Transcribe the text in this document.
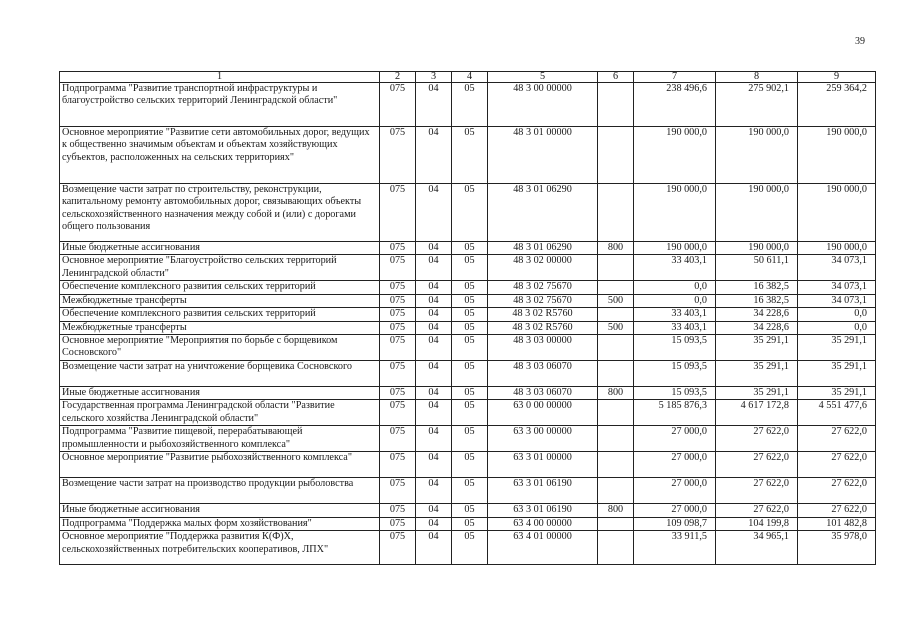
39
1	2	3	4	5	6	7	8	9
Подпрограмма "Развитие транспортной инфраструктуры и благоустройство сельских территорий Ленинградской области"	075	04	05	48 3 00 00000		238 496,6	275 902,1	259 364,2
Основное мероприятие "Развитие сети автомобильных дорог, ведущих к общественно значимым объектам и объектам хозяйствующих субъектов, расположенных на сельских территориях"	075	04	05	48 3 01 00000		190 000,0	190 000,0	190 000,0
Возмещение части затрат по строительству, реконструкции, капитальному ремонту автомобильных дорог, связывающих объекты сельскохозяйственного назначения между собой и (или) с дорогами общего пользования	075	04	05	48 3 01 06290		190 000,0	190 000,0	190 000,0
Иные бюджетные ассигнования	075	04	05	48 3 01 06290	800	190 000,0	190 000,0	190 000,0
Основное мероприятие "Благоустройство сельских территорий Ленинградской области"	075	04	05	48 3 02 00000		33 403,1	50 611,1	34 073,1
Обеспечение комплексного развития сельских территорий	075	04	05	48 3 02 75670		0,0	16 382,5	34 073,1
Межбюджетные трансферты	075	04	05	48 3 02 75670	500	0,0	16 382,5	34 073,1
Обеспечение комплексного развития сельских территорий	075	04	05	48 3 02 R5760		33 403,1	34 228,6	0,0
Межбюджетные трансферты	075	04	05	48 3 02 R5760	500	33 403,1	34 228,6	0,0
Основное мероприятие "Мероприятия по борьбе с борщевиком Сосновского"	075	04	05	48 3 03 00000		15 093,5	35 291,1	35 291,1
Возмещение части затрат на уничтожение борщевика Сосновского	075	04	05	48 3 03 06070		15 093,5	35 291,1	35 291,1
Иные бюджетные ассигнования	075	04	05	48 3 03 06070	800	15 093,5	35 291,1	35 291,1
Государственная программа Ленинградской области "Развитие сельского хозяйства Ленинградской области"	075	04	05	63 0 00 00000		5 185 876,3	4 617 172,8	4 551 477,6
Подпрограмма "Развитие пищевой, перерабатывающей промышленности и рыбохозяйственного комплекса"	075	04	05	63 3 00 00000		27 000,0	27 622,0	27 622,0
Основное мероприятие "Развитие рыбохозяйственного комплекса"	075	04	05	63 3 01 00000		27 000,0	27 622,0	27 622,0
Возмещение части затрат на производство продукции рыболовства	075	04	05	63 3 01 06190		27 000,0	27 622,0	27 622,0
Иные бюджетные ассигнования	075	04	05	63 3 01 06190	800	27 000,0	27 622,0	27 622,0
Подпрограмма "Поддержка малых форм хозяйствования"	075	04	05	63 4 00 00000		109 098,7	104 199,8	101 482,8
Основное мероприятие "Поддержка развития К(Ф)Х, сельскохозяйственных потребительских кооперативов, ЛПХ"	075	04	05	63 4 01 00000		33 911,5	34 965,1	35 978,0
